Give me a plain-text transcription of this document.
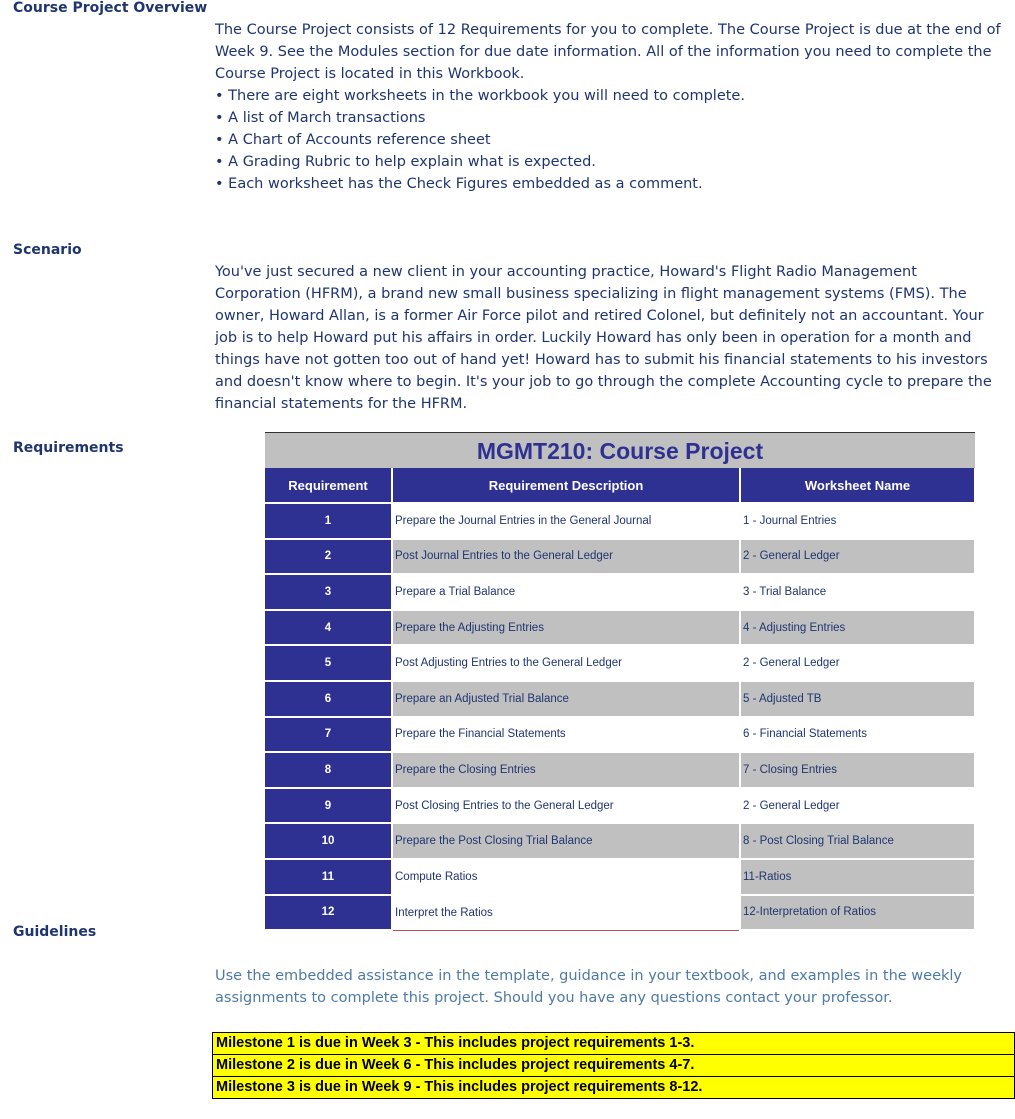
Course Project Overview
Scenario
Requirements
Guidelines

The Course Project consists of 12 Requirements for you to complete. The Course Project is due at the end of Week 9. See the Modules section for due date information. All of the information you need to complete the Course Project is located in this Workbook.

• There are eight worksheets in the workbook you will need to complete.
• A list of March transactions
• A Chart of Accounts reference sheet
• A Grading Rubric to help explain what is expected.
• Each worksheet has the Check Figures embedded as a comment.
You've just secured a new client in your accounting practice, Howard's Flight Radio Management Corporation (HFRM), a brand new small business specializing in flight management systems (FMS). The owner, Howard Allan, is a former Air Force pilot and retired Colonel, but definitely not an accountant. Your job is to help Howard put his affairs in order. Luckily Howard has only been in operation for a month and things have not gotten too out of hand yet! Howard has to submit his financial statements to his investors and doesn't know where to begin. It's your job to go through the complete Accounting cycle to prepare the financial statements for the HFRM.
MGMT210: Course Project
Requirement	Requirement Description	Worksheet Name
1	Prepare the Journal Entries in the General Journal	1 - Journal Entries
2	Post Journal Entries to the General Ledger	2 - General Ledger
3	Prepare a Trial Balance	3 - Trial Balance
4	Prepare the Adjusting Entries	4 - Adjusting Entries
5	Post Adjusting Entries to the General Ledger	2 - General Ledger
6	Prepare an Adjusted Trial Balance	5 - Adjusted TB
7	Prepare the Financial Statements	6 - Financial Statements
8	Prepare the Closing Entries	7 - Closing Entries
9	Post Closing Entries to the General Ledger	2 - General Ledger
10	Prepare the Post Closing Trial Balance	8 - Post Closing Trial Balance
11	Compute Ratios	11-Ratios
12	Interpret the Ratios	12-Interpretation of Ratios
Use the embedded assistance in the template, guidance in your textbook, and examples in the weekly assignments to complete this project. Should you have any questions contact your professor.
Milestone 1 is due in Week 3 - This includes project requirements 1-3.
Milestone 2 is due in Week 6 - This includes project requirements 4-7.
Milestone 3 is due in Week 9 - This includes project requirements 8-12.
